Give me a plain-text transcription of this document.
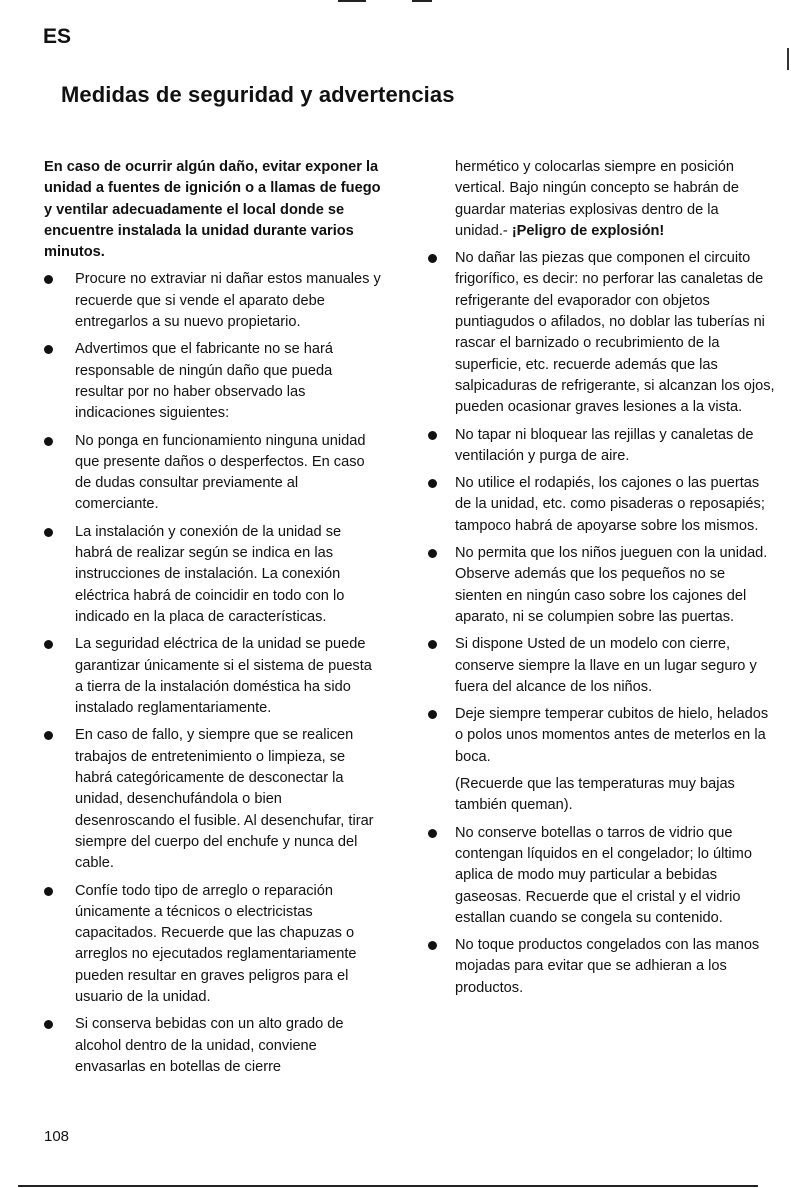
ES
Medidas de seguridad y advertencias

En caso de ocurrir algún daño, evitar exponer la unidad a fuentes de ignición o a llamas de fuego y ventilar adecuadamente el local donde se encuentre instalada la unidad durante varios minutos.

Procure no extraviar ni dañar estos manuales y recuerde que si vende el aparato debe entregarlos a su nuevo propietario.
Advertimos que el fabricante no se hará responsable de ningún daño que pueda resultar por no haber observado las indicaciones siguientes:
No ponga en funcionamiento ninguna unidad que presente daños o desperfectos. En caso de dudas consultar previamente al comerciante.
La instalación y conexión de la unidad se habrá de realizar según se indica en las instrucciones de instalación. La conexión eléctrica habrá de coincidir en todo con lo indicado en la placa de características.
La seguridad eléctrica de la unidad se puede garantizar únicamente si el sistema de puesta a tierra de la instalación doméstica ha sido instalado reglamentariamente.
En caso de fallo, y siempre que se realicen trabajos de entretenimiento o limpieza, se habrá categóricamente de desconectar la unidad, desenchufándola o bien desenroscando el fusible. Al desenchufar, tirar siempre del cuerpo del enchufe y nunca del cable.
Confíe todo tipo de arreglo o reparación únicamente a técnicos o electricistas capacitados. Recuerde que las chapuzas o arreglos no ejecutados reglamentariamente pueden resultar en graves peligros para el usuario de la unidad.
Si conserva bebidas con un alto grado de alcohol dentro de la unidad, conviene envasarlas en botellas de cierre

hermético y colocarlas siempre en posición vertical. Bajo ningún concepto se habrán de guardar materias explosivas dentro de la unidad.- ¡Peligro de explosión!

No dañar las piezas que componen el circuito frigorífico, es decir: no perforar las canaletas de refrigerante del evaporador con objetos puntiagudos o afilados, no doblar las tuberías ni rascar el barnizado o recubrimiento de la superficie, etc. recuerde además que las salpicaduras de refrigerante, si alcanzan los ojos, pueden ocasionar graves lesiones a la vista.
No tapar ni bloquear las rejillas y canaletas de ventilación y purga de aire.
No utilice el rodapiés, los cajones o las puertas de la unidad, etc. como pisaderas o reposapiés; tampoco habrá de apoyarse sobre los mismos.
No permita que los niños jueguen con la unidad. Observe además que los pequeños no se sienten en ningún caso sobre los cajones del aparato, ni se columpien sobre las puertas.
Si dispone Usted de un modelo con cierre, conserve siempre la llave en un lugar seguro y fuera del alcance de los niños.
Deje siempre temperar cubitos de hielo, helados o polos unos momentos antes de meterlos en la boca.
(Recuerde que las temperaturas muy bajas también queman).
No conserve botellas o tarros de vidrio que contengan líquidos en el congelador; lo último aplica de modo muy particular a bebidas gaseosas. Recuerde que el cristal y el vidrio estallan cuando se congela su contenido.
No toque productos congelados con las manos mojadas para evitar que se adhieran a los productos.
108
